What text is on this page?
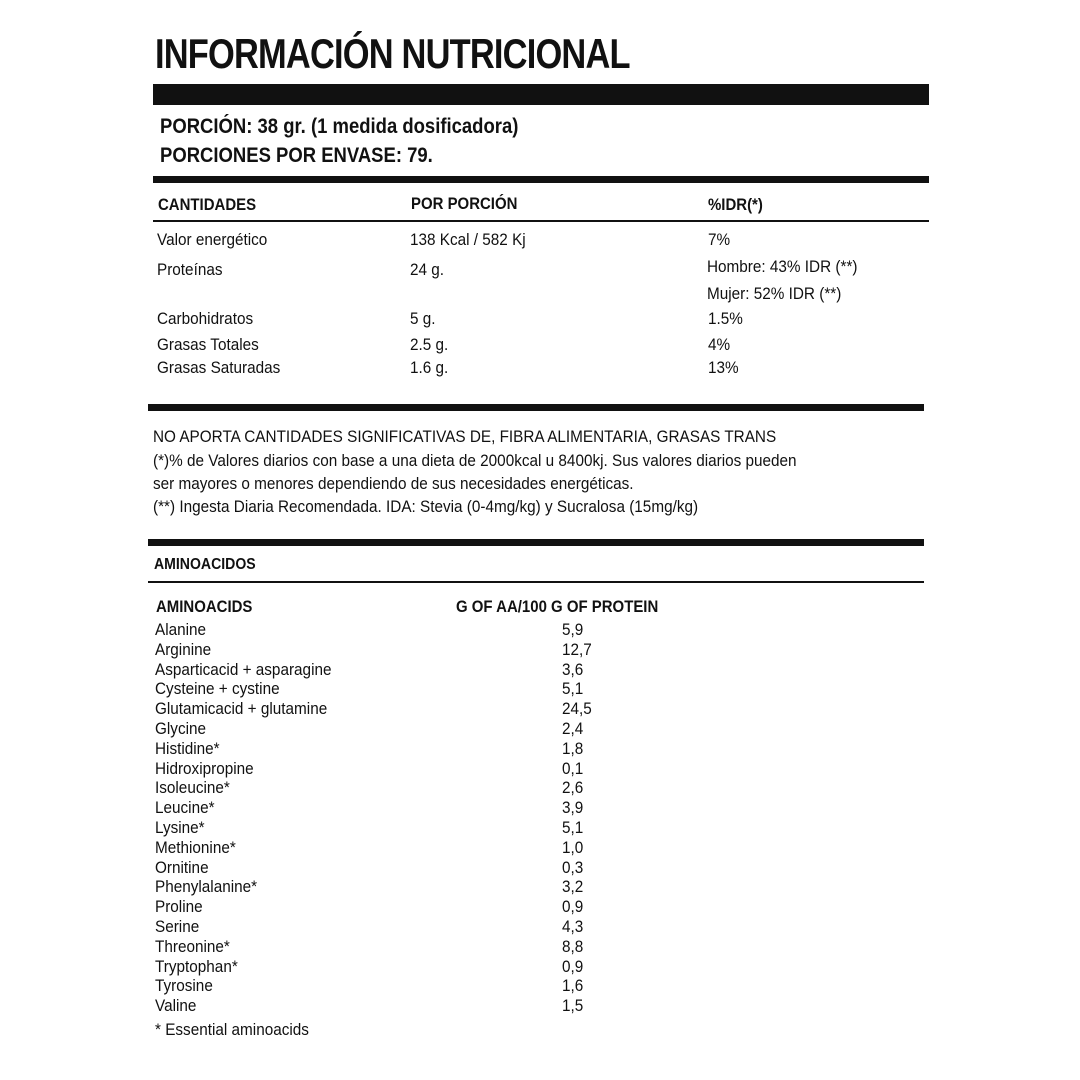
INFORMACIÓN NUTRICIONAL
PORCIÓN: 38 gr. (1 medida dosificadora)
PORCIONES POR ENVASE: 79.
CANTIDADES	POR PORCIÓN	%IDR(*)
Valor energético	138 Kcal / 582 Kj	7%
Proteínas	24 g.	Hombre: 43% IDR (**)
Mujer: 52% IDR (**)
Carbohidratos	5 g.	1.5%
Grasas Totales	2.5 g.	4%
Grasas Saturadas	1.6 g.	13%
NO APORTA CANTIDADES SIGNIFICATIVAS DE, FIBRA ALIMENTARIA, GRASAS TRANS
(*)% de Valores diarios con base a una dieta de 2000kcal u 8400kj. Sus valores diarios pueden
ser mayores o menores dependiendo de sus necesidades energéticas.
(**) Ingesta Diaria Recomendada. IDA: Stevia (0-4mg/kg) y Sucralosa (15mg/kg)
AMINOACIDOS
AMINOACIDS	G OF AA/100 G OF PROTEIN
Alanine	5,9
Arginine	12,7
Asparticacid + asparagine	3,6
Cysteine + cystine	5,1
Glutamicacid + glutamine	24,5
Glycine	2,4
Histidine*	1,8
Hidroxipropine	0,1
Isoleucine*	2,6
Leucine*	3,9
Lysine*	5,1
Methionine*	1,0
Ornitine	0,3
Phenylalanine*	3,2
Proline	0,9
Serine	4,3
Threonine*	8,8
Tryptophan*	0,9
Tyrosine	1,6
Valine	1,5
* Essential aminoacids
